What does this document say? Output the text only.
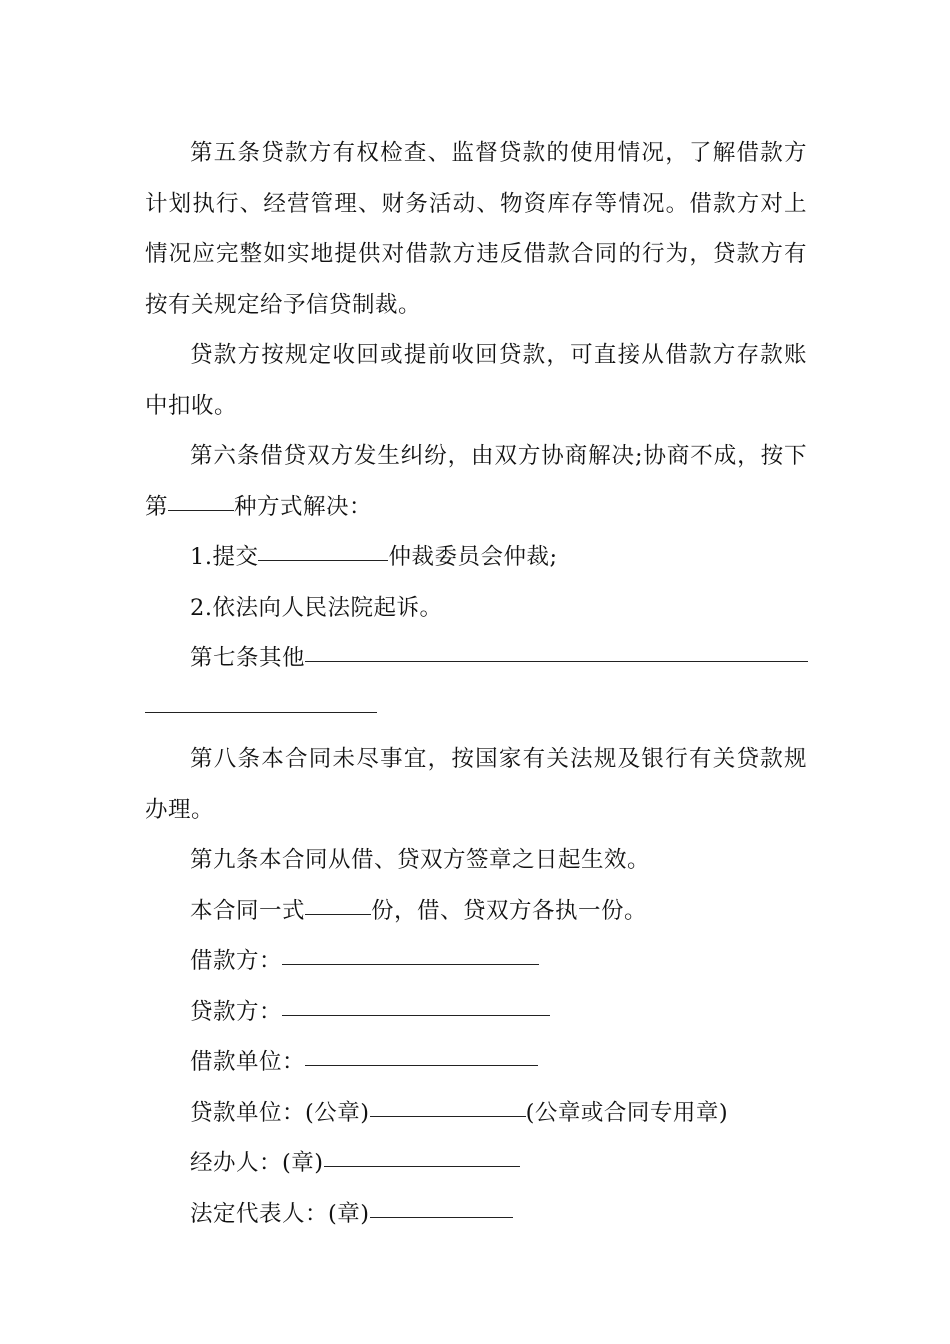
第五条贷款方有权检查、监督贷款的使用情况，了解借款方
计划执行、经营管理、财务活动、物资库存等情况。借款方对上
情况应完整如实地提供对借款方违反借款合同的行为，贷款方有
按有关规定给予信贷制裁。
贷款方按规定收回或提前收回贷款，可直接从借款方存款账
中扣收。
第六条借贷双方发生纠纷，由双方协商解决;协商不成，按下
第	种方式解决：
1.提交	仲裁委员会仲裁;
2.依法向人民法院起诉。
第七条其他
第八条本合同未尽事宜，按国家有关法规及银行有关贷款规
办理。
第九条本合同从借、贷双方签章之日起生效。
本合同一式	份，借、贷双方各执一份。
借款方：
贷款方：
借款单位：
贷款单位：(公章)	(公章或合同专用章)
经办人：(章)
法定代表人：(章)
